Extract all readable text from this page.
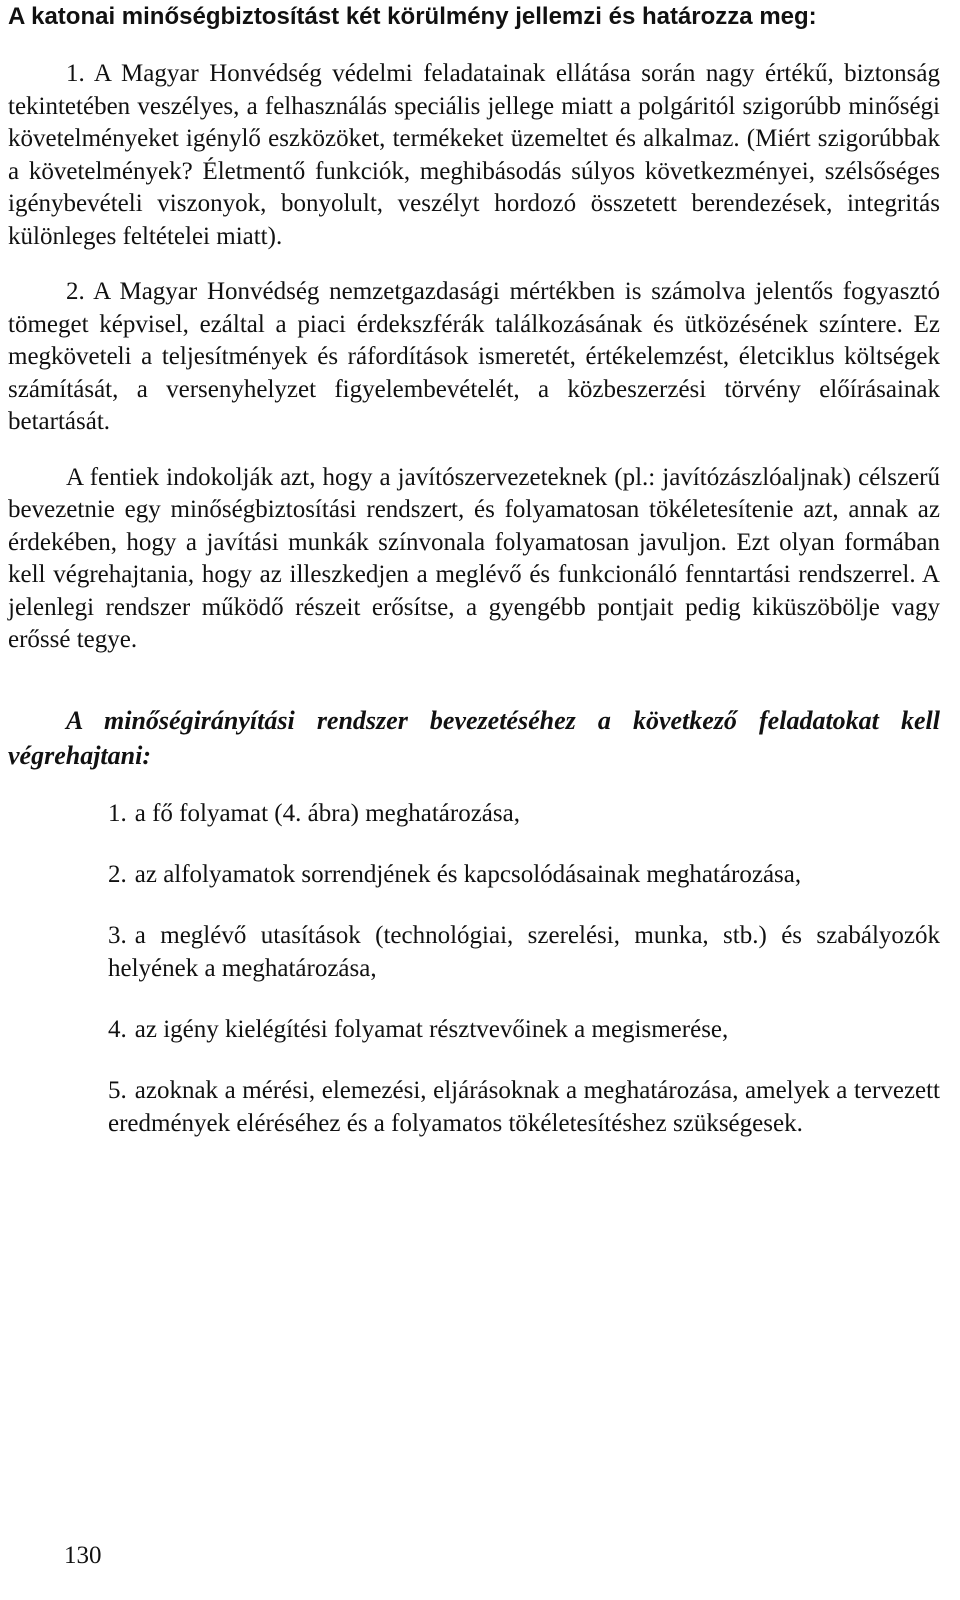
A katonai minőségbiztosítást két körülmény jellemzi és határozza meg:

1. A Magyar Honvédség védelmi feladatainak ellátása során nagy értékű, biztonság tekintetében veszélyes, a felhasználás speciális jellege miatt a polgáritól szigorúbb minőségi követelményeket igénylő eszközöket, termékeket üzemeltet és alkalmaz. (Miért szigorúbbak a követelmények? Életmentő funkciók, meghibásodás súlyos következményei, szélsőséges igénybevételi viszonyok, bonyolult, veszélyt hordozó összetett berendezések, integritás különleges feltételei miatt).

2. A Magyar Honvédség nemzetgazdasági mértékben is számolva jelentős fogyasztó tömeget képvisel, ezáltal a piaci érdekszférák találkozásának és ütközésének színtere. Ez megköveteli a teljesítmények és ráfordítások ismeretét, értékelemzést, életciklus költségek számítását, a versenyhelyzet figyelembevételét, a közbeszerzési törvény előírásainak betartását.

A fentiek indokolják azt, hogy a javítószervezeteknek (pl.: javítózászlóaljnak) célszerű bevezetnie egy minőségbiztosítási rendszert, és folyamatosan tökéletesítenie azt, annak az érdekében, hogy a javítási munkák színvonala folyamatosan javuljon. Ezt olyan formában kell végrehajtania, hogy az illeszkedjen a meglévő és funkcionáló fenntartási rendszerrel. A jelenlegi rendszer működő részeit erősítse, a gyengébb pontjait pedig kiküszöbölje vagy erőssé tegye.

A minőségirányítási rendszer bevezetéséhez a következő feladatokat kell végrehajtani:

1. a fő folyamat (4. ábra) meghatározása,
2. az alfolyamatok sorrendjének és kapcsolódásainak meghatározása,
3. a meglévő utasítások (technológiai, szerelési, munka, stb.) és szabályozók helyének a meghatározása,
4. az igény kielégítési folyamat résztvevőinek a megismerése,
5. azoknak a mérési, elemezési, eljárásoknak a meghatározása, amelyek a tervezett eredmények eléréséhez és a folyamatos tökéletesítéshez szükségesek.
130
